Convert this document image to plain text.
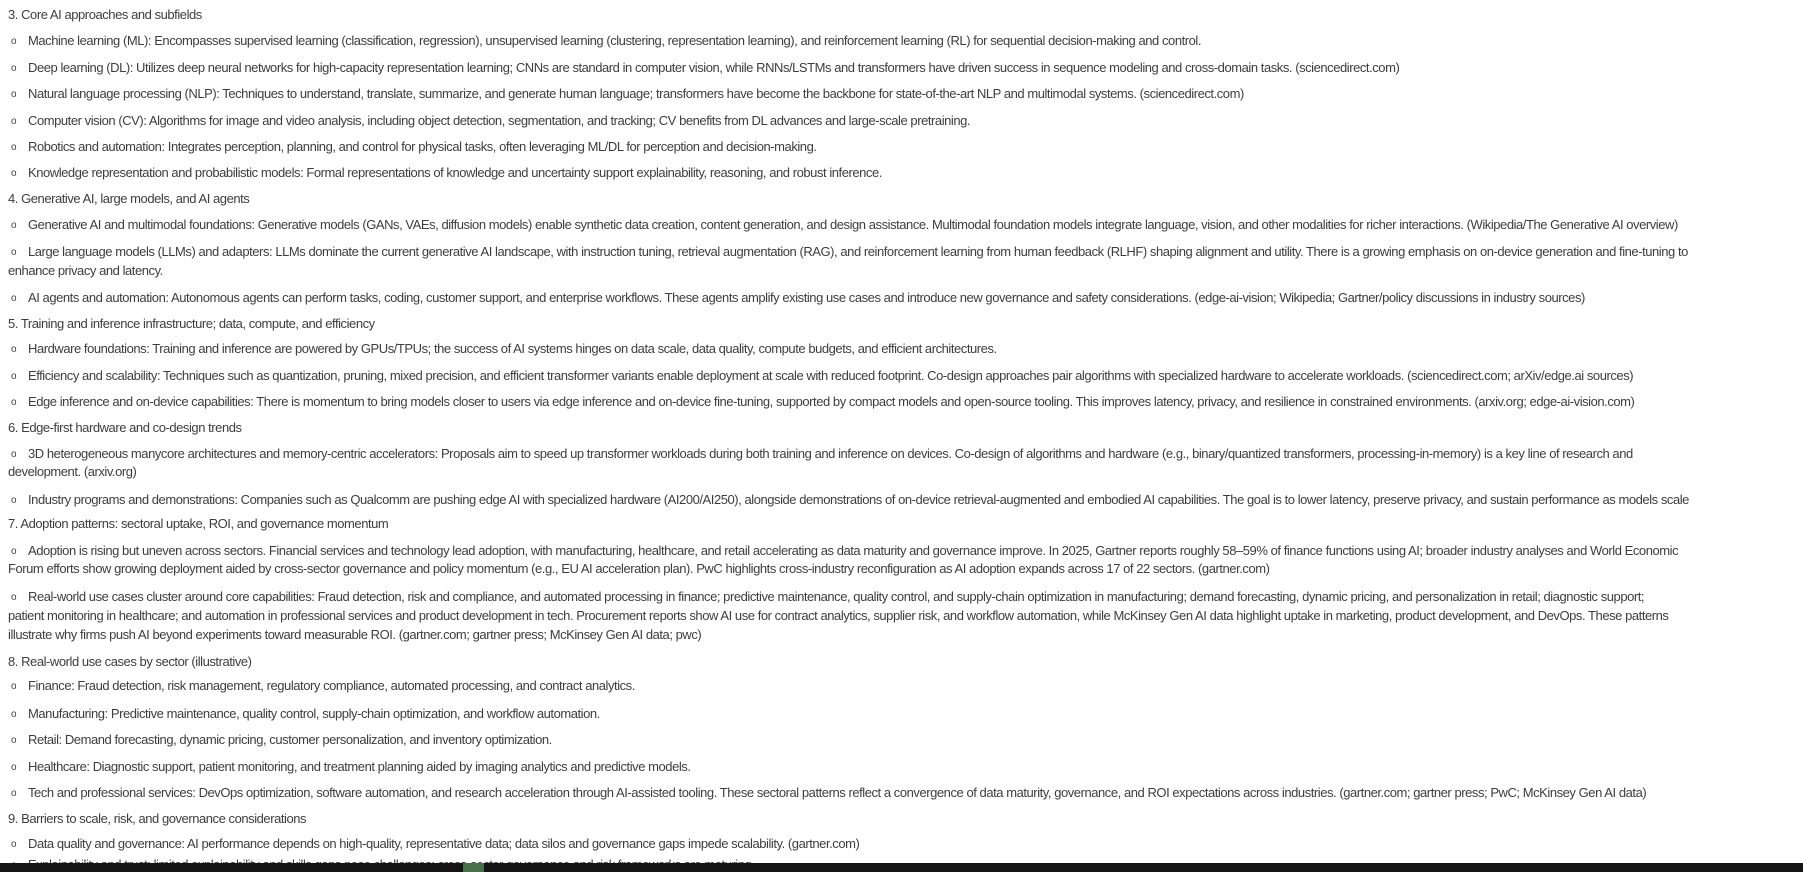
3. Core AI approaches and subfields
o Machine learning (ML): Encompasses supervised learning (classification, regression), unsupervised learning (clustering, representation learning), and reinforcement learning (RL) for sequential decision-making and control.
o Deep learning (DL): Utilizes deep neural networks for high-capacity representation learning; CNNs are standard in computer vision, while RNNs/LSTMs and transformers have driven success in sequence modeling and cross-domain tasks. (sciencedirect.com)
o Natural language processing (NLP): Techniques to understand, translate, summarize, and generate human language; transformers have become the backbone for state-of-the-art NLP and multimodal systems. (sciencedirect.com)
o Computer vision (CV): Algorithms for image and video analysis, including object detection, segmentation, and tracking; CV benefits from DL advances and large-scale pretraining.
o Robotics and automation: Integrates perception, planning, and control for physical tasks, often leveraging ML/DL for perception and decision-making.
o Knowledge representation and probabilistic models: Formal representations of knowledge and uncertainty support explainability, reasoning, and robust inference.
4. Generative AI, large models, and AI agents
o Generative AI and multimodal foundations: Generative models (GANs, VAEs, diffusion models) enable synthetic data creation, content generation, and design assistance. Multimodal foundation models integrate language, vision, and other modalities for richer interactions. (Wikipedia/The Generative AI overview)
o Large language models (LLMs) and adapters: LLMs dominate the current generative AI landscape, with instruction tuning, retrieval augmentation (RAG), and reinforcement learning from human feedback (RLHF) shaping alignment and utility. There is a growing emphasis on on-device generation and fine-tuning to
enhance privacy and latency.
o AI agents and automation: Autonomous agents can perform tasks, coding, customer support, and enterprise workflows. These agents amplify existing use cases and introduce new governance and safety considerations. (edge-ai-vision; Wikipedia; Gartner/policy discussions in industry sources)
5. Training and inference infrastructure; data, compute, and efficiency
o Hardware foundations: Training and inference are powered by GPUs/TPUs; the success of AI systems hinges on data scale, data quality, compute budgets, and efficient architectures.
o Efficiency and scalability: Techniques such as quantization, pruning, mixed precision, and efficient transformer variants enable deployment at scale with reduced footprint. Co-design approaches pair algorithms with specialized hardware to accelerate workloads. (sciencedirect.com; arXiv/edge.ai sources)
o Edge inference and on-device capabilities: There is momentum to bring models closer to users via edge inference and on-device fine-tuning, supported by compact models and open-source tooling. This improves latency, privacy, and resilience in constrained environments. (arxiv.org; edge-ai-vision.com)
6. Edge-first hardware and co-design trends
o 3D heterogeneous manycore architectures and memory-centric accelerators: Proposals aim to speed up transformer workloads during both training and inference on devices. Co-design of algorithms and hardware (e.g., binary/quantized transformers, processing-in-memory) is a key line of research and
development. (arxiv.org)
o Industry programs and demonstrations: Companies such as Qualcomm are pushing edge AI with specialized hardware (AI200/AI250), alongside demonstrations of on-device retrieval-augmented and embodied AI capabilities. The goal is to lower latency, preserve privacy, and sustain performance as models scale
7. Adoption patterns: sectoral uptake, ROI, and governance momentum
o Adoption is rising but uneven across sectors. Financial services and technology lead adoption, with manufacturing, healthcare, and retail accelerating as data maturity and governance improve. In 2025, Gartner reports roughly 58–59% of finance functions using AI; broader industry analyses and World Economic
Forum efforts show growing deployment aided by cross-sector governance and policy momentum (e.g., EU AI acceleration plan). PwC highlights cross-industry reconfiguration as AI adoption expands across 17 of 22 sectors. (gartner.com)
o Real-world use cases cluster around core capabilities: Fraud detection, risk and compliance, and automated processing in finance; predictive maintenance, quality control, and supply-chain optimization in manufacturing; demand forecasting, dynamic pricing, and personalization in retail; diagnostic support;
patient monitoring in healthcare; and automation in professional services and product development in tech. Procurement reports show AI use for contract analytics, supplier risk, and workflow automation, while McKinsey Gen AI data highlight uptake in marketing, product development, and DevOps. These patterns
illustrate why firms push AI beyond experiments toward measurable ROI. (gartner.com; gartner press; McKinsey Gen AI data; pwc)
8. Real-world use cases by sector (illustrative)
o Finance: Fraud detection, risk management, regulatory compliance, automated processing, and contract analytics.
o Manufacturing: Predictive maintenance, quality control, supply-chain optimization, and workflow automation.
o Retail: Demand forecasting, dynamic pricing, customer personalization, and inventory optimization.
o Healthcare: Diagnostic support, patient monitoring, and treatment planning aided by imaging analytics and predictive models.
o Tech and professional services: DevOps optimization, software automation, and research acceleration through AI-assisted tooling. These sectoral patterns reflect a convergence of data maturity, governance, and ROI expectations across industries. (gartner.com; gartner press; PwC; McKinsey Gen AI data)
9. Barriers to scale, risk, and governance considerations
o Data quality and governance: AI performance depends on high-quality, representative data; data silos and governance gaps impede scalability. (gartner.com)
